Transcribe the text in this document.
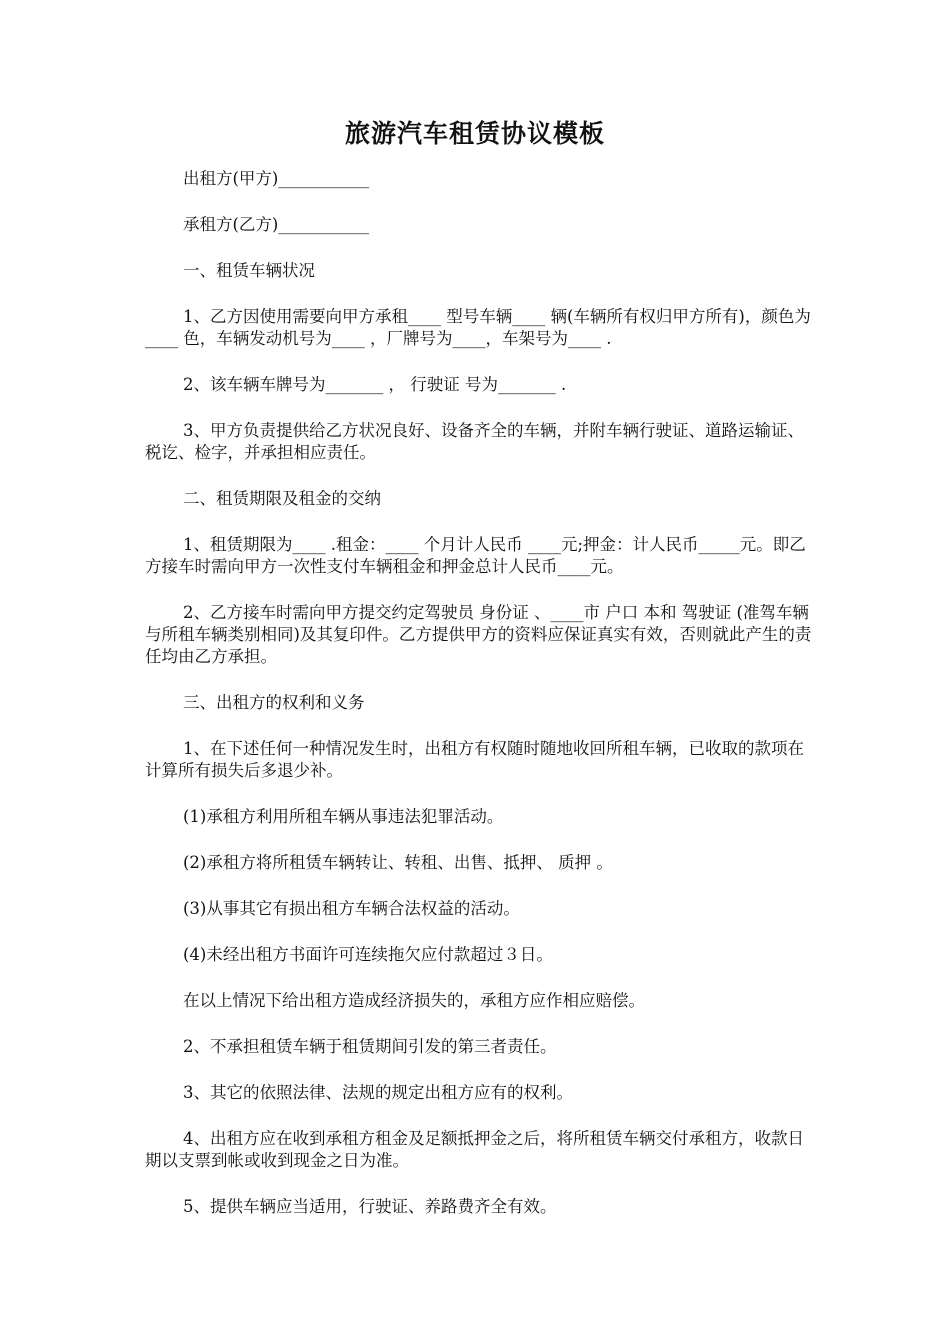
旅游汽车租赁协议模板

出租方(甲方)___________

承租方(乙方)___________

一、租赁车辆状况

1、乙方因使用需要向甲方承租____ 型号车辆____ 辆(车辆所有权归甲方所有)，颜色为____ 色，车辆发动机号为____ ，厂牌号为____，车架号为____ .

2、该车辆车牌号为_______ ， 行驶证 号为_______ .

3、甲方负责提供给乙方状况良好、设备齐全的车辆，并附车辆行驶证、道路运输证、税讫、检字，并承担相应责任。

二、租赁期限及租金的交纳

1、租赁期限为____ .租金：____ 个月计人民币 ____元;押金：计人民币_____元。即乙方接车时需向甲方一次性支付车辆租金和押金总计人民币____元。

2、乙方接车时需向甲方提交约定驾驶员 身份证 、____市 户口 本和 驾驶证 (准驾车辆与所租车辆类别相同)及其复印件。乙方提供甲方的资料应保证真实有效，否则就此产生的责任均由乙方承担。

三、出租方的权利和义务

1、在下述任何一种情况发生时，出租方有权随时随地收回所租车辆，已收取的款项在计算所有损失后多退少补。

(1)承租方利用所租车辆从事违法犯罪活动。

(2)承租方将所租赁车辆转让、转租、出售、抵押、 质押 。

(3)从事其它有损出租方车辆合法权益的活动。

(4)未经出租方书面许可连续拖欠应付款超过３日。

在以上情况下给出租方造成经济损失的，承租方应作相应赔偿。

2、不承担租赁车辆于租赁期间引发的第三者责任。

3、其它的依照法律、法规的规定出租方应有的权利。

4、出租方应在收到承租方租金及足额抵押金之后，将所租赁车辆交付承租方，收款日期以支票到帐或收到现金之日为准。

5、提供车辆应当适用，行驶证、养路费齐全有效。
